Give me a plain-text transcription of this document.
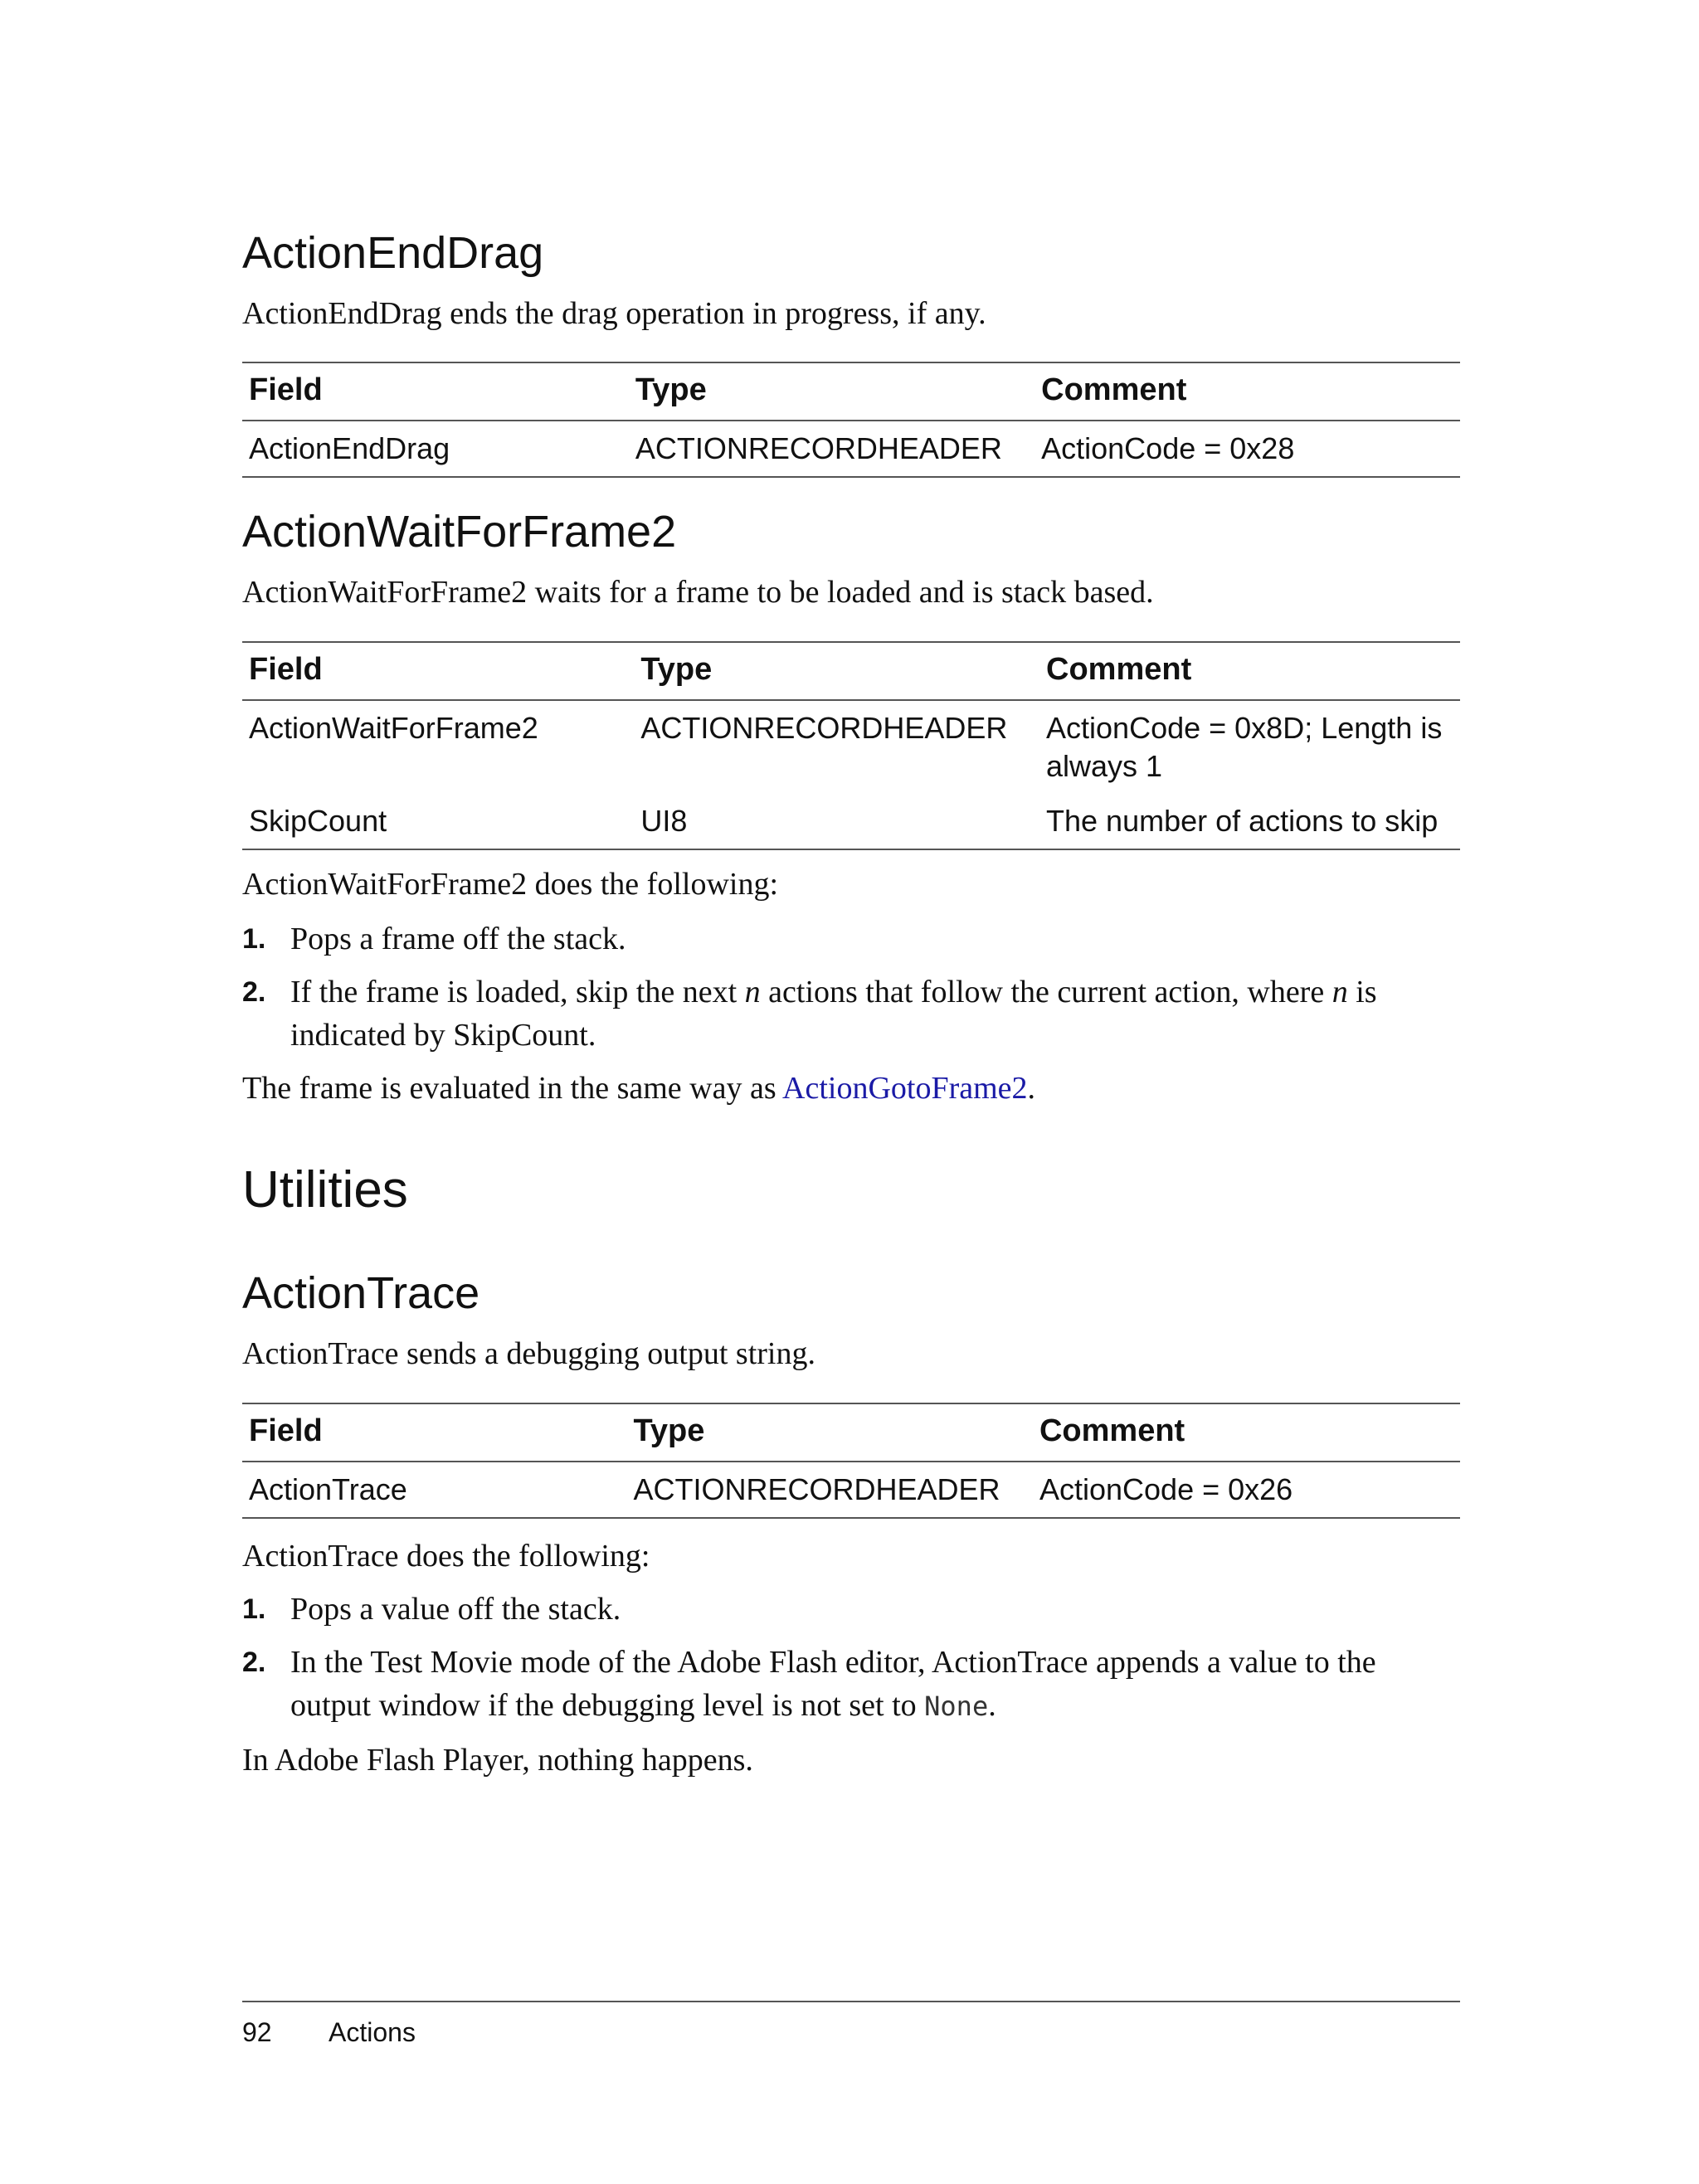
ActionEndDrag

ActionEndDrag ends the drag operation in progress, if any.

Field	Type	Comment
ActionEndDrag	ACTIONRECORDHEADER	ActionCode = 0x28
ActionWaitForFrame2

ActionWaitForFrame2 waits for a frame to be loaded and is stack based.

Field	Type	Comment
ActionWaitForFrame2	ACTIONRECORDHEADER	ActionCode = 0x8D; Length is always 1
SkipCount	UI8	The number of actions to skip

ActionWaitForFrame2 does the following:

1. Pops a frame off the stack.
2. If the frame is loaded, skip the next n actions that follow the current action, where n is indicated by SkipCount.

The frame is evaluated in the same way as ActionGotoFrame2.

Utilities
ActionTrace

ActionTrace sends a debugging output string.

Field	Type	Comment
ActionTrace	ACTIONRECORDHEADER	ActionCode = 0x26

ActionTrace does the following:

1. Pops a value off the stack.
2. In the Test Movie mode of the Adobe Flash editor, ActionTrace appends a value to the output window if the debugging level is not set to None.

In Adobe Flash Player, nothing happens.

92 Actions
